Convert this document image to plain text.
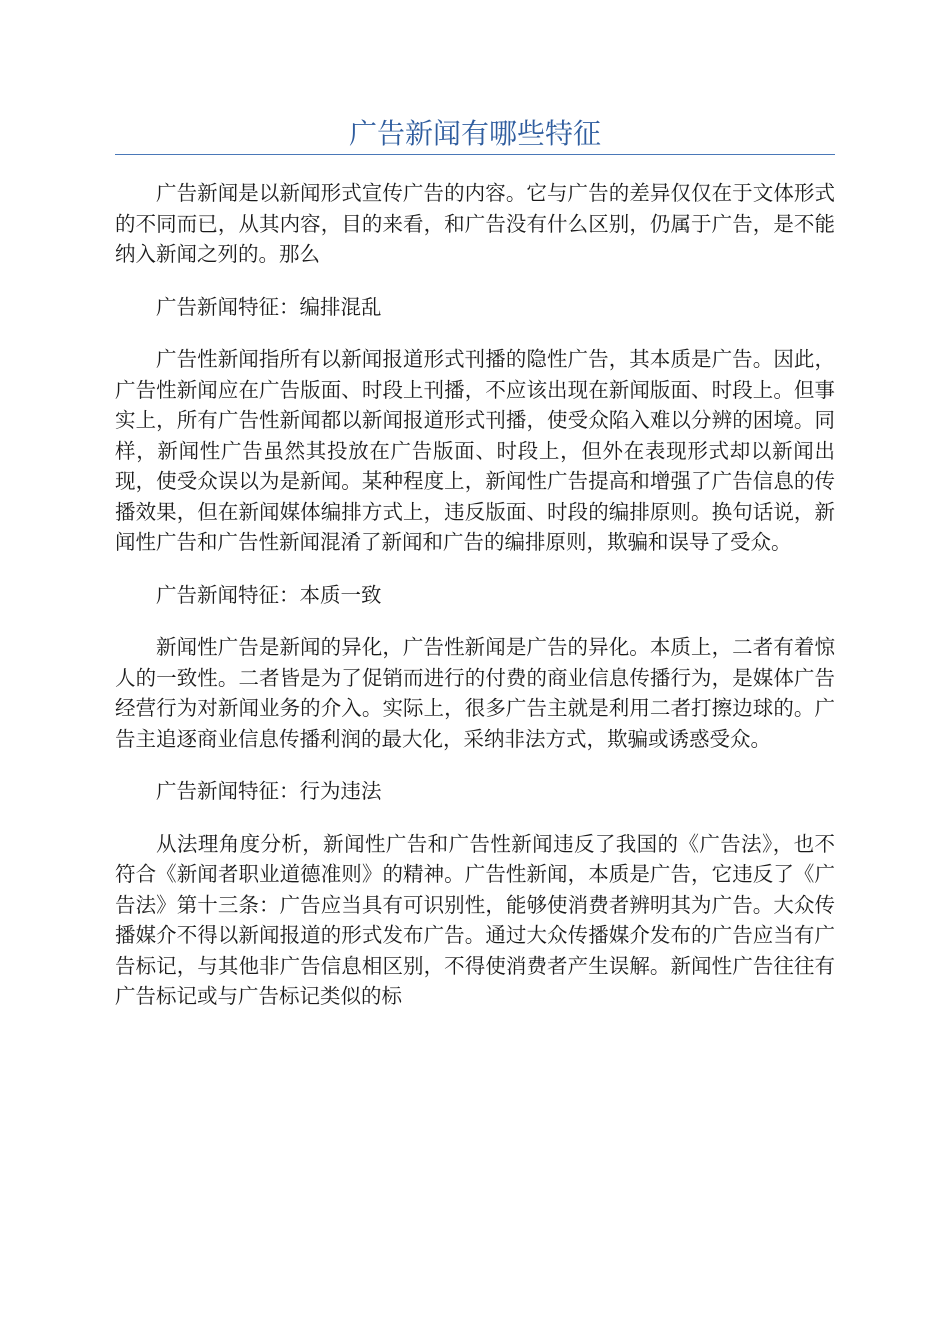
广告新闻有哪些特征

广告新闻是以新闻形式宣传广告的内容。它与广告的差异仅仅在于文体形式的不同而已，从其内容，目的来看，和广告没有什么区别，仍属于广告，是不能纳入新闻之列的。那么

广告新闻特征：编排混乱

广告性新闻指所有以新闻报道形式刊播的隐性广告，其本质是广告。因此，广告性新闻应在广告版面、时段上刊播，不应该出现在新闻版面、时段上。但事实上，所有广告性新闻都以新闻报道形式刊播，使受众陷入难以分辨的困境。同样，新闻性广告虽然其投放在广告版面、时段上，但外在表现形式却以新闻出现，使受众误以为是新闻。某种程度上，新闻性广告提高和增强了广告信息的传播效果，但在新闻媒体编排方式上，违反版面、时段的编排原则。换句话说，新闻性广告和广告性新闻混淆了新闻和广告的编排原则，欺骗和误导了受众。

广告新闻特征：本质一致

新闻性广告是新闻的异化，广告性新闻是广告的异化。本质上，二者有着惊人的一致性。二者皆是为了促销而进行的付费的商业信息传播行为，是媒体广告经营行为对新闻业务的介入。实际上，很多广告主就是利用二者打擦边球的。广告主追逐商业信息传播利润的最大化，采纳非法方式，欺骗或诱惑受众。

广告新闻特征：行为违法

从法理角度分析，新闻性广告和广告性新闻违反了我国的《广告法》，也不符合《新闻者职业道德准则》的精神。广告性新闻，本质是广告，它违反了《广告法》第十三条：广告应当具有可识别性，能够使消费者辨明其为广告。大众传播媒介不得以新闻报道的形式发布广告。通过大众传播媒介发布的广告应当有广告标记，与其他非广告信息相区别，不得使消费者产生误解。新闻性广告往往有广告标记或与广告标记类似的标
